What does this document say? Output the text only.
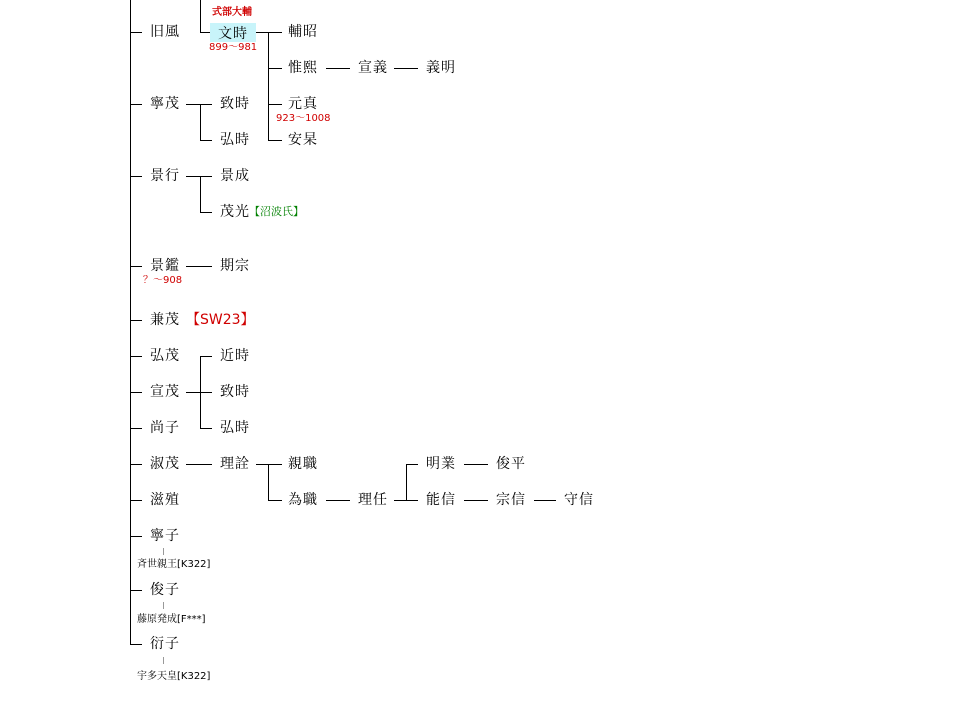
旧風
寧茂
景行
景鑑
？～908
兼茂 【SW23】
弘茂
宣茂
尚子
淑茂
滋殖
寧子
斉世親王[K322]
俊子
藤原発成[F***]
衍子
宇多天皇[K322]
式部大輔
文時
899～981
致時
弘時
景成
茂光 【沼波氏】
期宗
近時
致時
弘時
理詮
輔昭
惟熙
元真
923～1008
安杲
親職
為職
宣義
理任
義明
明業
能信
俊平
宗信	守信
